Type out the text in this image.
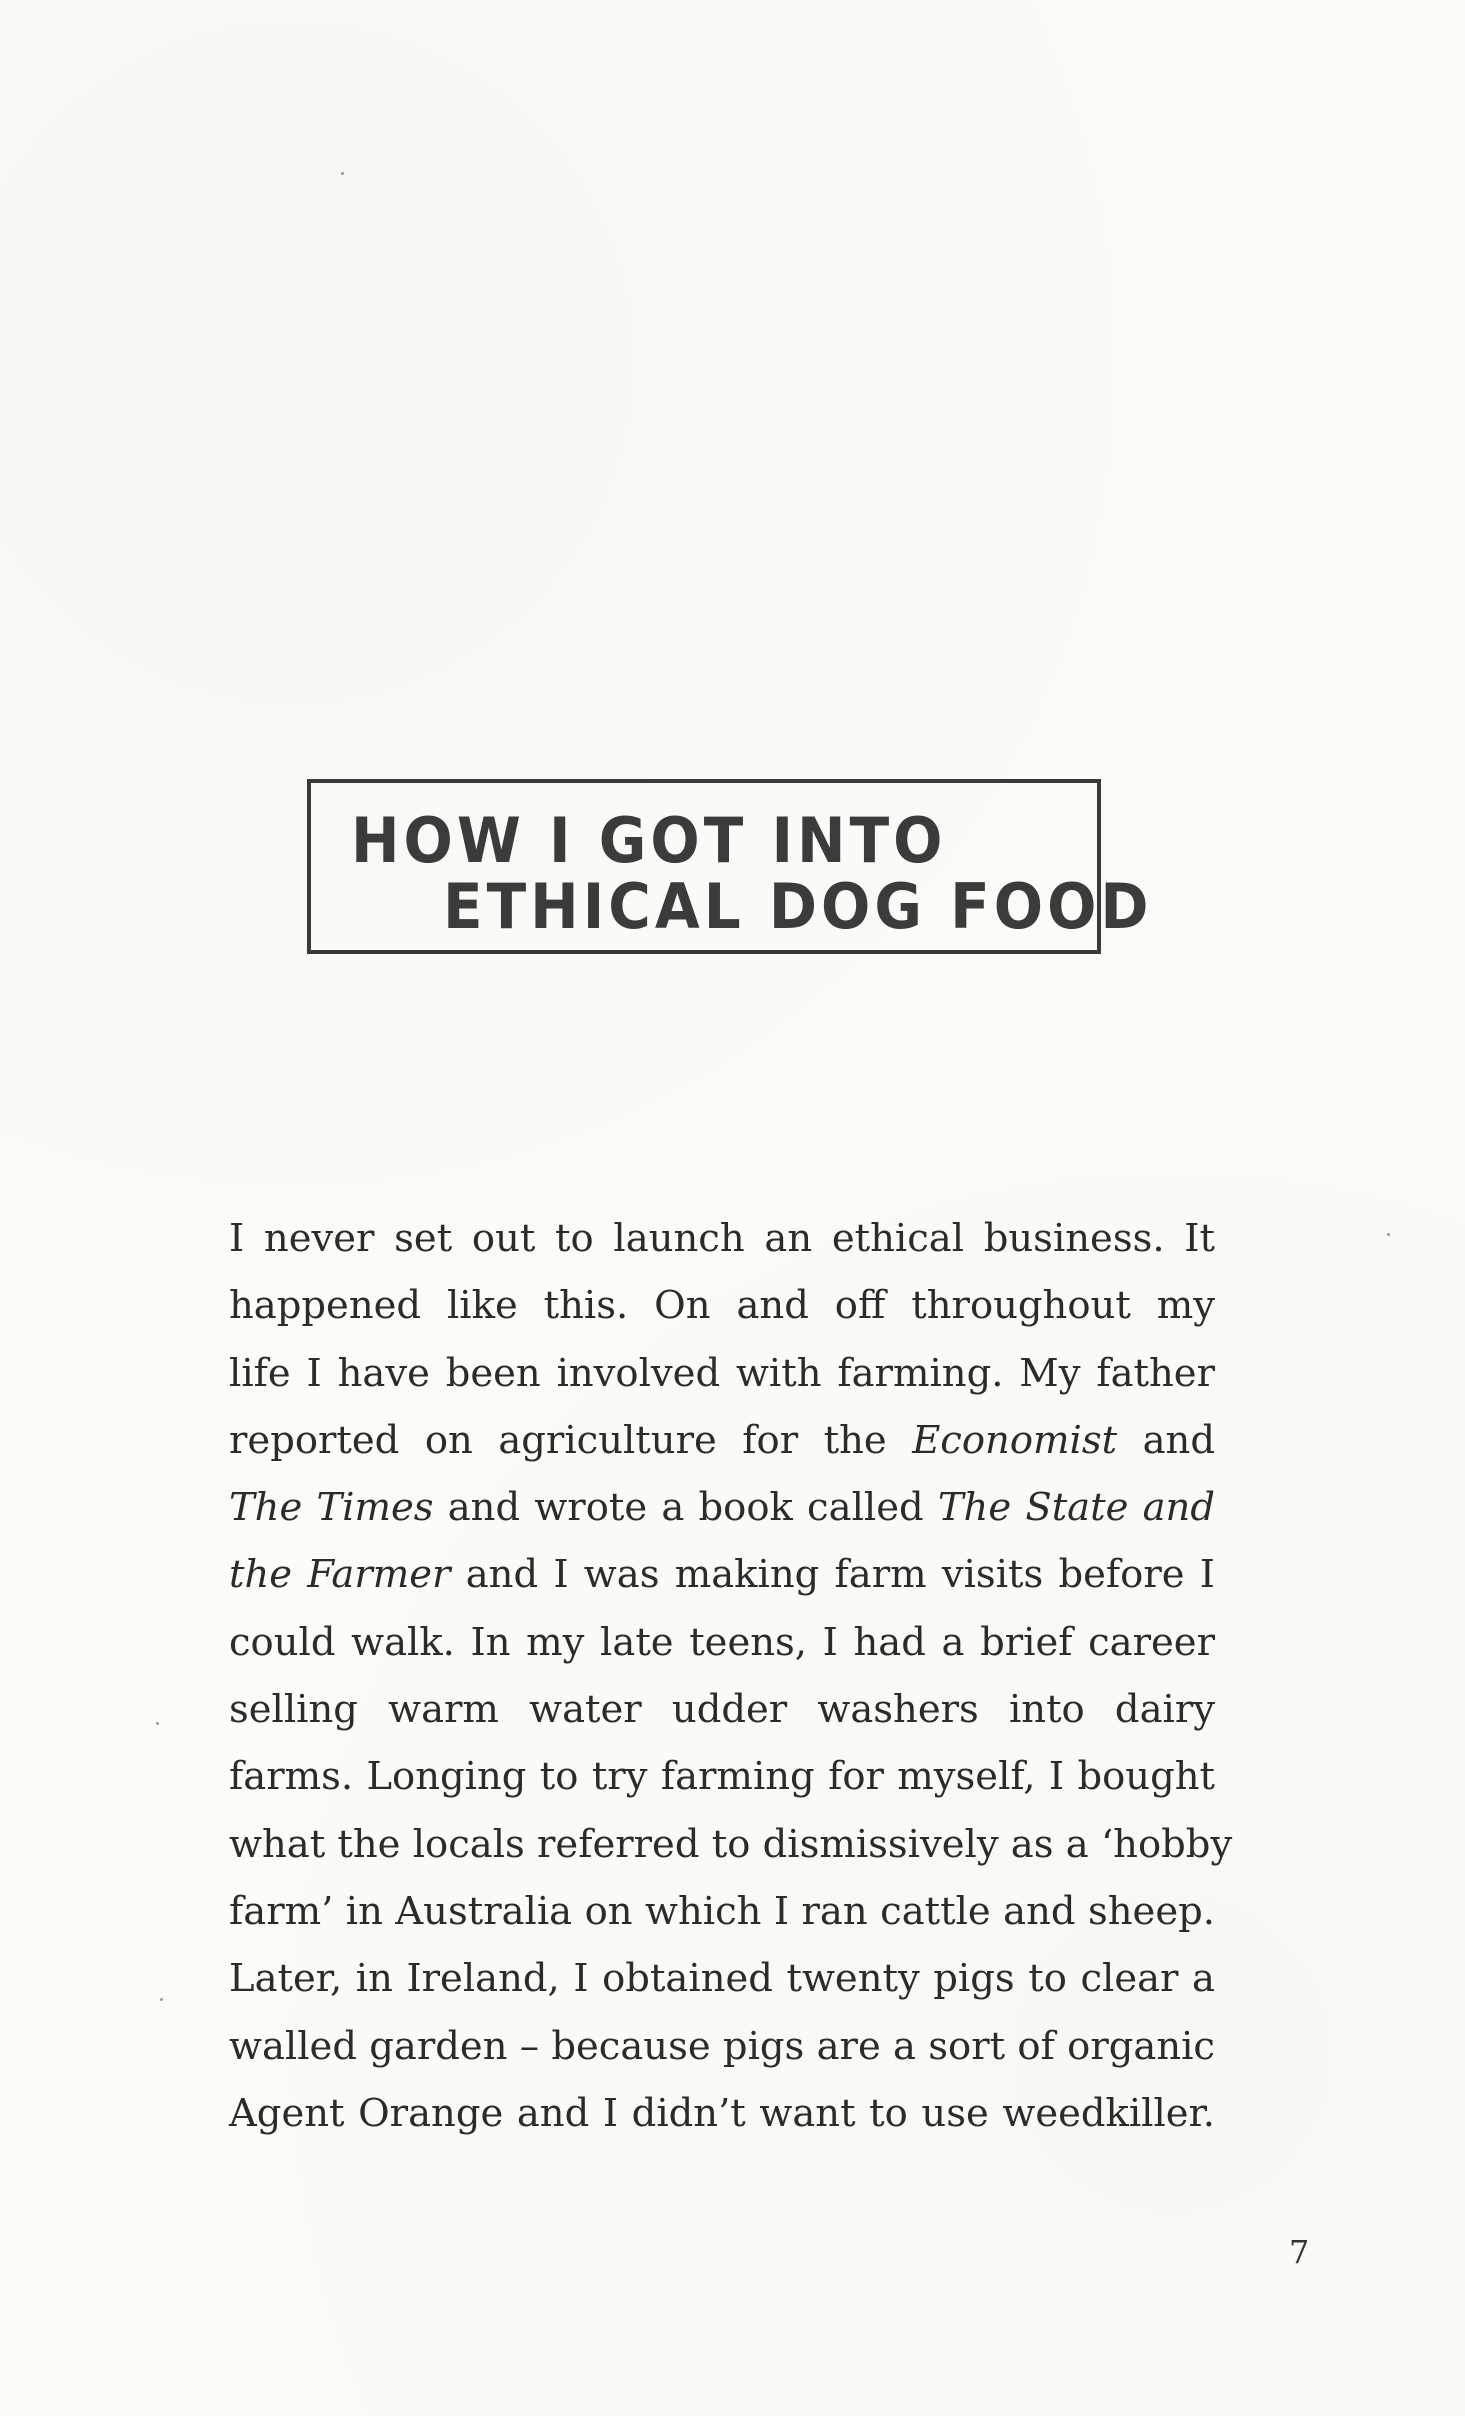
HOW I GOT INTO
ETHICAL DOG FOOD
I never set out to launch an ethical business. It
happened like this. On and off throughout my
life I have been involved with farming. My father
reported on agriculture for the Economist and
The Times and wrote a book called The State and
the Farmer and I was making farm visits before I
could walk. In my late teens, I had a brief career
selling warm water udder washers into dairy
farms. Longing to try farming for myself, I bought
what the locals referred to dismissively as a ‘hobby
farm’ in Australia on which I ran cattle and sheep.
Later, in Ireland, I obtained twenty pigs to clear a
walled garden – because pigs are a sort of organic
Agent Orange and I didn’t want to use weedkiller.
7
